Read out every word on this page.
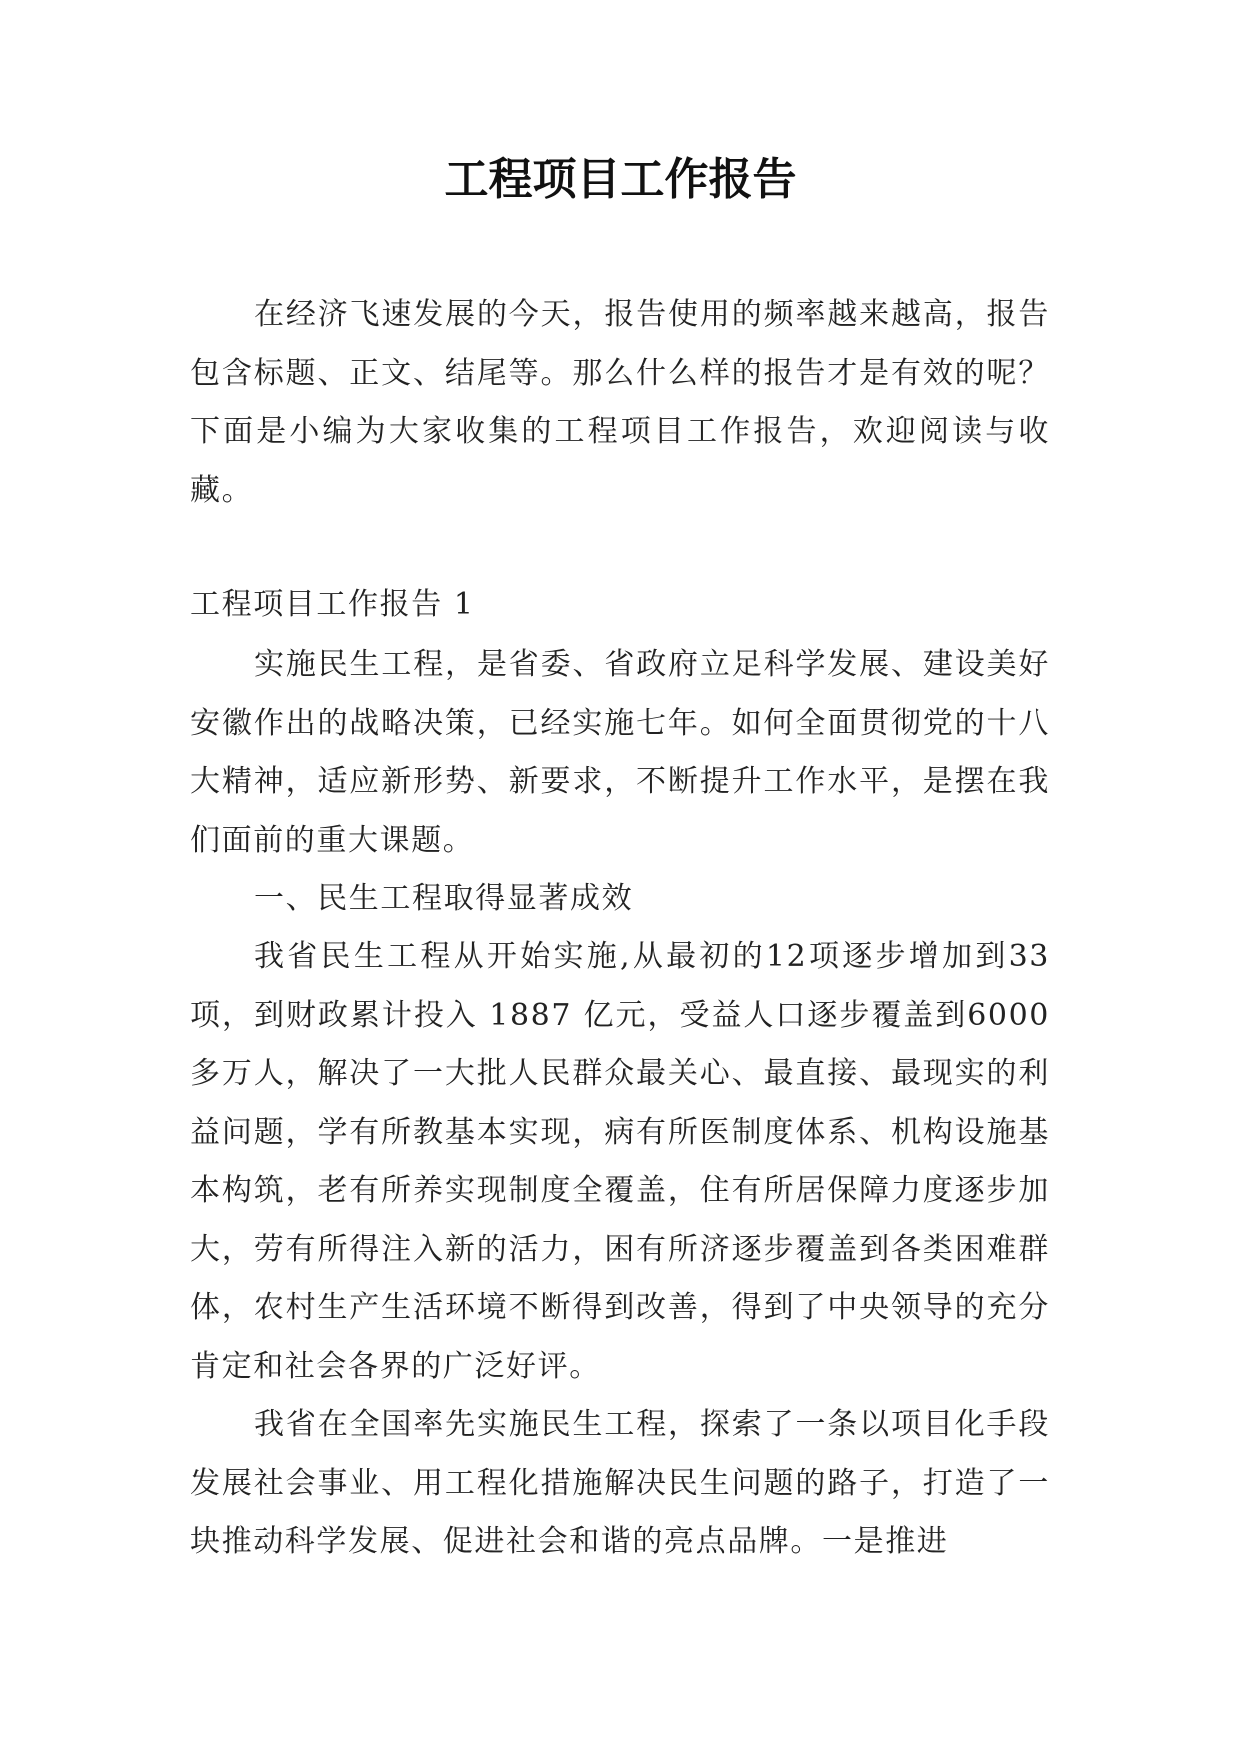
工程项目工作报告

在经济飞速发展的今天，报告使用的频率越来越高，报告包含标题、正文、结尾等。那么什么样的报告才是有效的呢？下面是小编为大家收集的工程项目工作报告，欢迎阅读与收藏。

工程项目工作报告 1

实施民生工程，是省委、省政府立足科学发展、建设美好安徽作出的战略决策，已经实施七年。如何全面贯彻党的十八大精神，适应新形势、新要求，不断提升工作水平，是摆在我们面前的重大课题。

一、民生工程取得显著成效

我省民生工程从开始实施,从最初的12项逐步增加到33项，到财政累计投入 1887 亿元，受益人口逐步覆盖到6000多万人，解决了一大批人民群众最关心、最直接、最现实的利益问题，学有所教基本实现，病有所医制度体系、机构设施基本构筑，老有所养实现制度全覆盖，住有所居保障力度逐步加大，劳有所得注入新的活力，困有所济逐步覆盖到各类困难群体，农村生产生活环境不断得到改善，得到了中央领导的充分肯定和社会各界的广泛好评。

我省在全国率先实施民生工程，探索了一条以项目化手段发展社会事业、用工程化措施解决民生问题的路子，打造了一块推动科学发展、促进社会和谐的亮点品牌。一是推进
